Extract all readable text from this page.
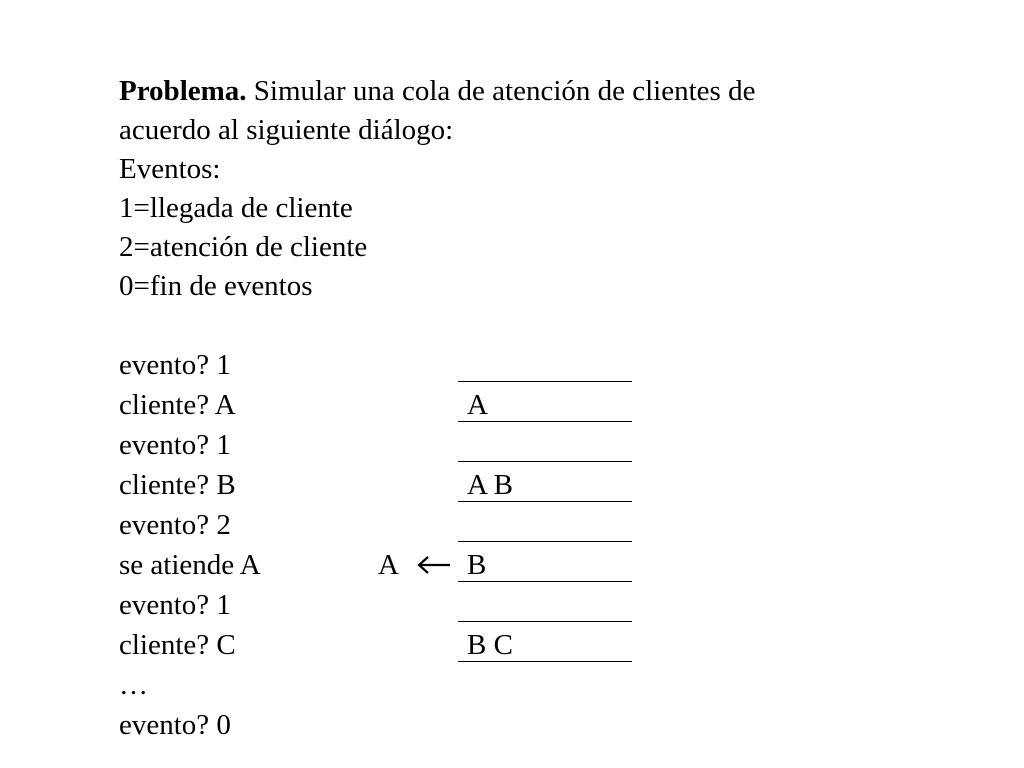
Problema. Simular una cola de atención de clientes de
acuerdo al siguiente diálogo:
Eventos:
1=llegada de cliente
2=atención de cliente
0=fin de eventos
evento? 1
cliente? A
evento? 1
cliente? B
evento? 2
se atiende A
evento? 1
cliente? C
…
evento? 0
A
A B
B
B C
A
